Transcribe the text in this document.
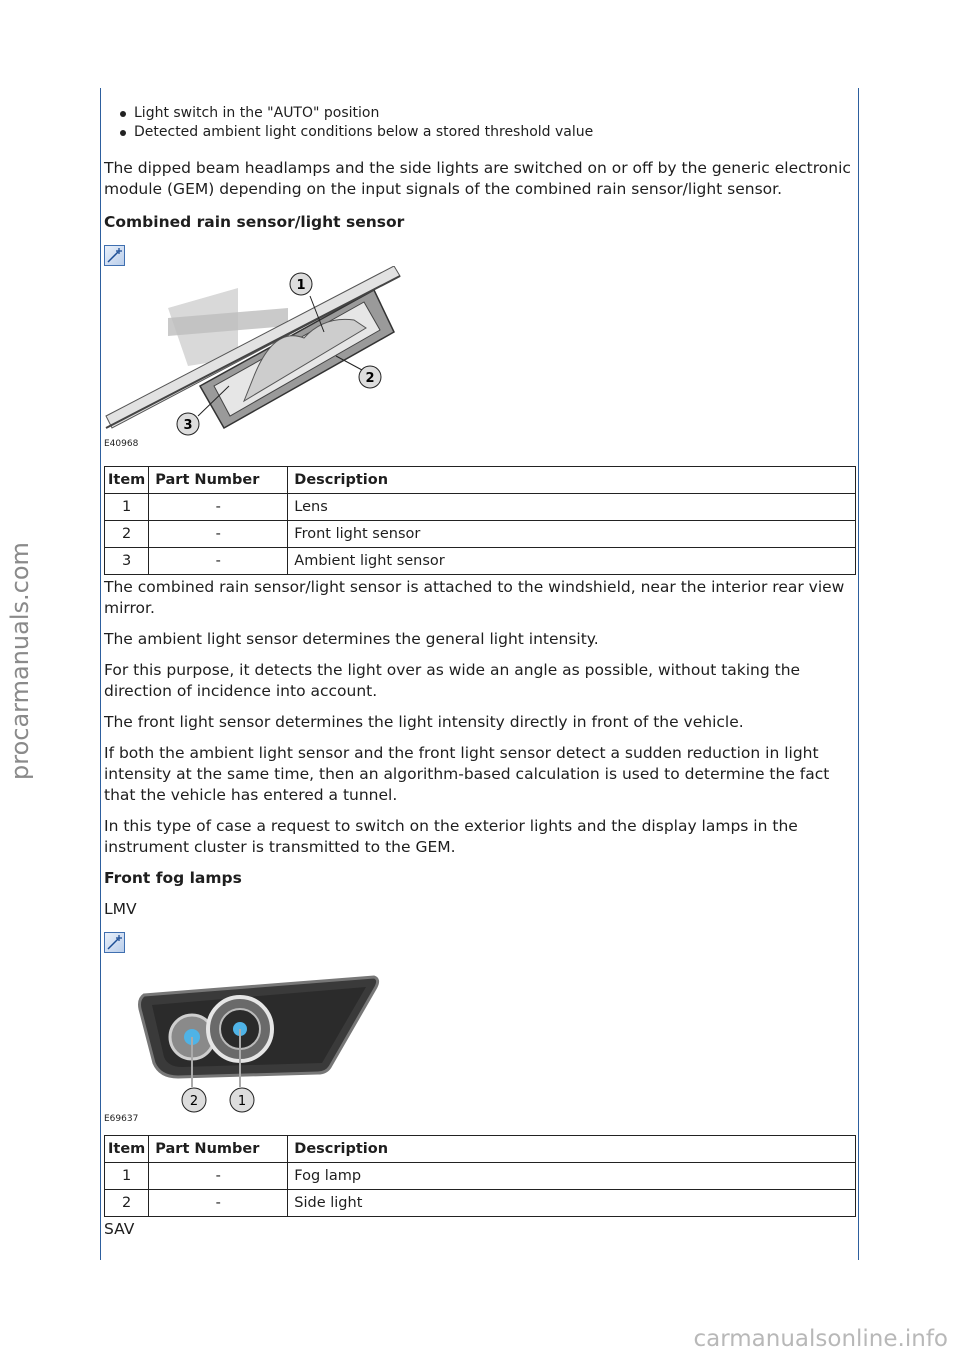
Light switch in the "AUTO" position
Detected ambient light conditions below a stored threshold value

The dipped beam headlamps and the side lights are switched on or off by the generic electronic module (GEM) depending on the input signals of the combined rain sensor/light sensor.

Combined rain sensor/light sensor

1
2
3
E40968
Item	Part Number	Description
1	-	Lens
2	-	Front light sensor
3	-	Ambient light sensor

The combined rain sensor/light sensor is attached to the windshield, near the interior rear view mirror.

The ambient light sensor determines the general light intensity.

For this purpose, it detects the light over as wide an angle as possible, without taking the direction of incidence into account.

The front light sensor determines the light intensity directly in front of the vehicle.

If both the ambient light sensor and the front light sensor detect a sudden reduction in light intensity at the same time, then an algorithm-based calculation is used to determine the fact that the vehicle has entered a tunnel.

In this type of case a request to switch on the exterior lights and the display lamps in the instrument cluster is transmitted to the GEM.

Front fog lamps

LMV

2	1
E69637
Item	Part Number	Description
1	-	Fog lamp
2	-	Side light

SAV

procarmanuals.com
carmanualsonline.info
